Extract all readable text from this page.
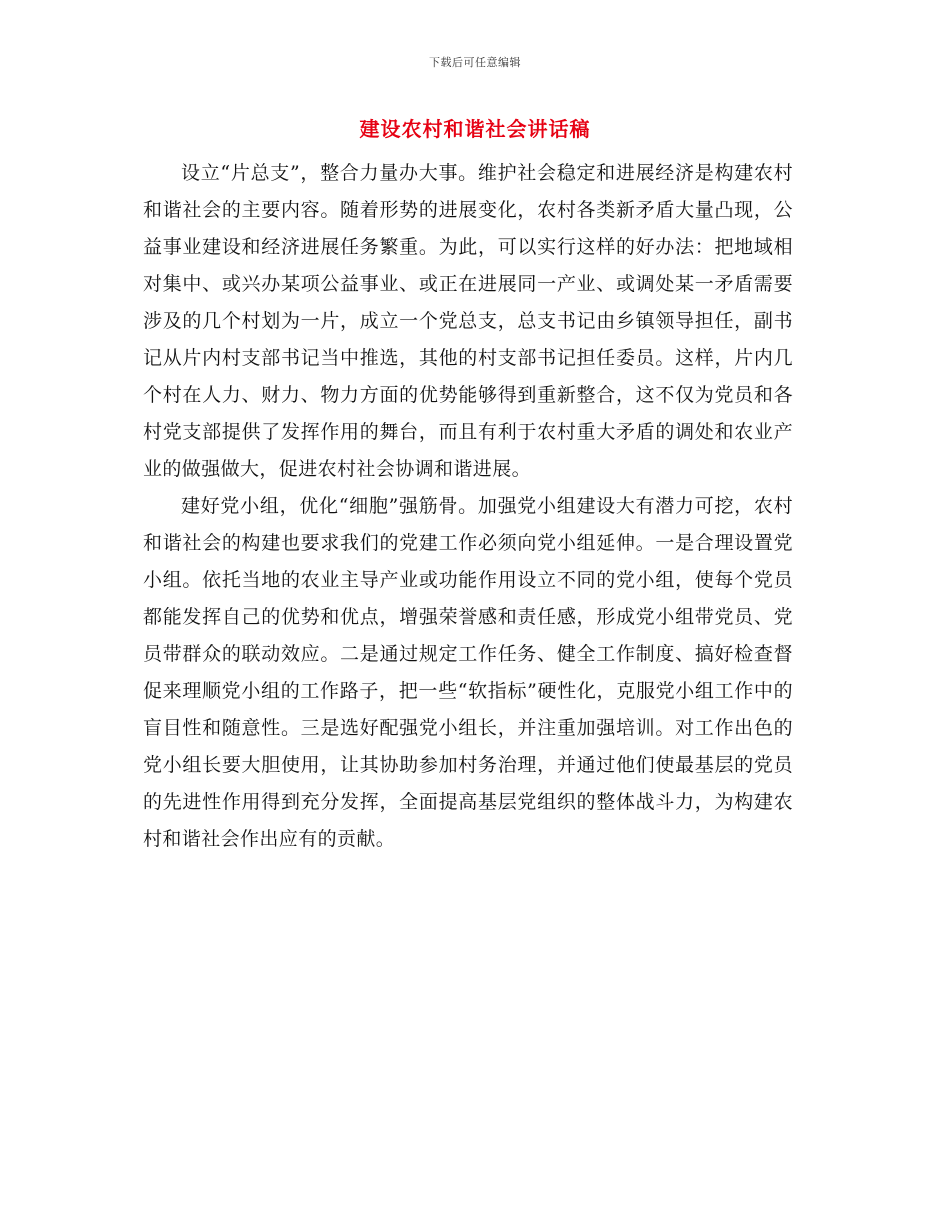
下载后可任意编辑
建设农村和谐社会讲话稿

设立“片总支”，整合力量办大事。维护社会稳定和进展经济是构建农村和谐社会的主要内容。随着形势的进展变化，农村各类新矛盾大量凸现，公益事业建设和经济进展任务繁重。为此，可以实行这样的好办法：把地域相对集中、或兴办某项公益事业、或正在进展同一产业、或调处某一矛盾需要涉及的几个村划为一片，成立一个党总支，总支书记由乡镇领导担任，副书记从片内村支部书记当中推选，其他的村支部书记担任委员。这样，片内几个村在人力、财力、物力方面的优势能够得到重新整合，这不仅为党员和各村党支部提供了发挥作用的舞台，而且有利于农村重大矛盾的调处和农业产业的做强做大，促进农村社会协调和谐进展。

建好党小组，优化“细胞”强筋骨。加强党小组建设大有潜力可挖，农村和谐社会的构建也要求我们的党建工作必须向党小组延伸。一是合理设置党小组。依托当地的农业主导产业或功能作用设立不同的党小组，使每个党员都能发挥自己的优势和优点，增强荣誉感和责任感，形成党小组带党员、党员带群众的联动效应。二是通过规定工作任务、健全工作制度、搞好检查督促来理顺党小组的工作路子，把一些“软指标”硬性化，克服党小组工作中的盲目性和随意性。三是选好配强党小组长，并注重加强培训。对工作出色的党小组长要大胆使用，让其协助参加村务治理，并通过他们使最基层的党员的先进性作用得到充分发挥，全面提高基层党组织的整体战斗力，为构建农村和谐社会作出应有的贡献。
